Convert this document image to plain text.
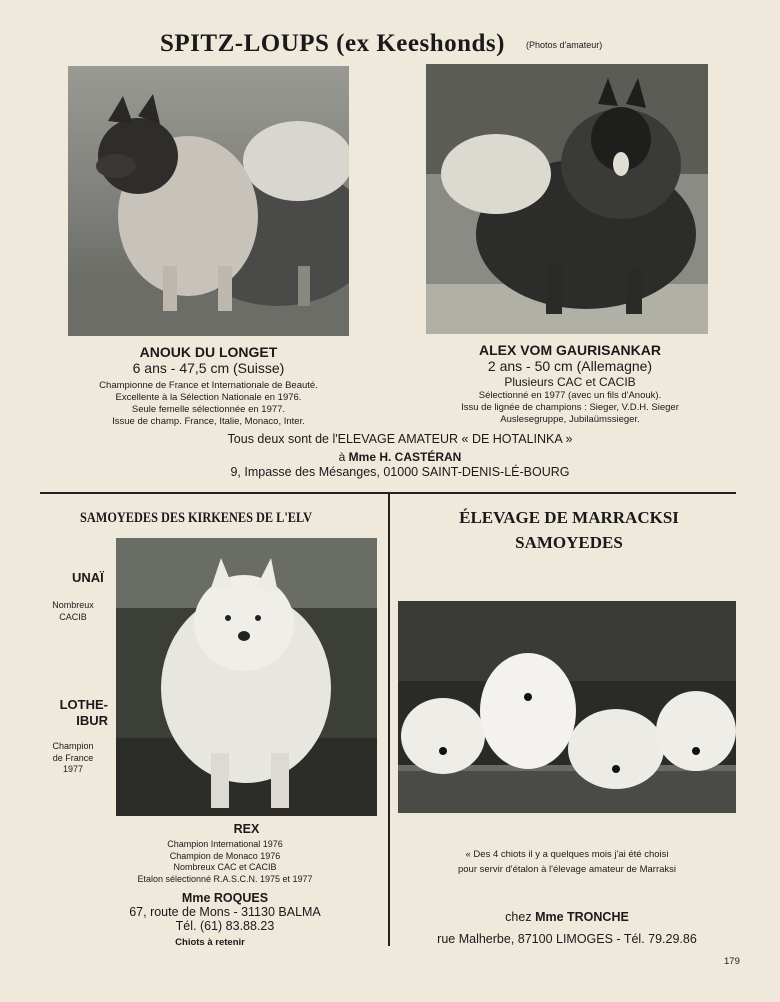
SPITZ-LOUPS (ex Keeshonds) (Photos d'amateur)
ANOUK DU LONGET
6 ans - 47,5 cm (Suisse)
Championne de France et Internationale de Beauté.
Excellente à la Sélection Nationale en 1976.
Seule femelle sélectionnée en 1977.
Issue de champ. France, Italie, Monaco, Inter.
ALEX VOM GAURISANKAR
2 ans - 50 cm (Allemagne)
Plusieurs CAC et CACIB
Sélectionné en 1977 (avec un fils d'Anouk).
Issu de lignée de champions : Sieger, V.D.H. Sieger
Auslesegruppe, Jubilaümssieger.
Tous deux sont de l'ELEVAGE AMATEUR « DE HOTALINKA »
à Mme H. CASTÉRAN
9, Impasse des Mésanges, 01000 SAINT-DENIS-LÉ-BOURG
SAMOYEDES DES KIRKENES DE L'ELV
UNAÏ
Nombreux
CACIB
LOTHE-
IBUR
Champion
de France
1977
REX
Champion International 1976
Champion de Monaco 1976
Nombreux CAC et CACIB
Etalon sélectionné R.A.S.C.N. 1975 et 1977
Mme ROQUES
67, route de Mons - 31130 BALMA
Tél. (61) 83.88.23
Chiots à retenir
ÉLEVAGE DE MARRACKSI
SAMOYEDES
« Des 4 chiots il y a quelques mois j'ai été choisi
pour servir d'étalon à l'élevage amateur de Marraksi
chez Mme TRONCHE
rue Malherbe, 87100 LIMOGES - Tél. 79.29.86
179
